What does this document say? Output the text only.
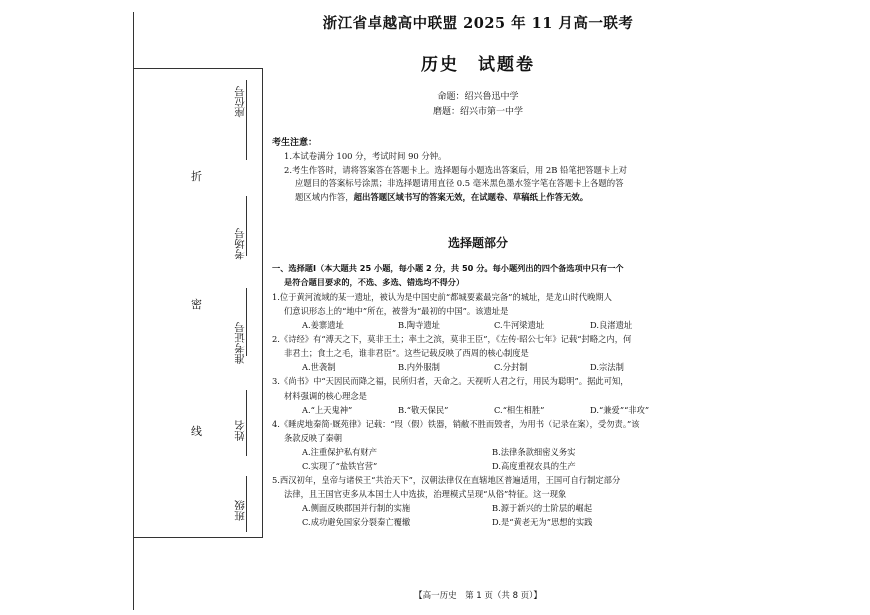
折
密
线
座位号
考场号
准考证号
姓名
班级
浙江省卓越高中联盟 2025 年 11 月高一联考
历史　试题卷
命题：绍兴鲁迅中学
磨题：绍兴市第一中学

考生注意：

1.本试卷满分 100 分，考试时间 90 分钟。

2.考生作答时，请将答案答在答题卡上。选择题每小题选出答案后，用 2B 铅笔把答题卡上对

应题目的答案标号涂黑；非选择题请用直径 0.5 毫米黑色墨水签字笔在答题卡上各题的答

题区域内作答，超出答题区域书写的答案无效，在试题卷、草稿纸上作答无效。

选择题部分

一、选择题Ⅰ（本大题共 25 小题，每小题 2 分，共 50 分。每小题列出的四个备选项中只有一个

是符合题目要求的，不选、多选、错选均不得分）

1.位于黄河流域的某一遗址，被认为是中国史前“都城要素最完备”的城址，是龙山时代晚期人

们意识形态上的“地中”所在，被誉为“最初的中国”。该遗址是

A.姜寨遗址	B.陶寺遗址	C.牛河梁遗址	D.良渚遗址

2.《诗经》有“溥天之下，莫非王土；率土之滨，莫非王臣”，《左传·昭公七年》记载“封略之内，何

非君土；食土之毛，谁非君臣”。这些记载反映了西周的核心制度是

A.世袭制	B.内外服制	C.分封制	D.宗法制

3.《尚书》中“天因民而降之福，民所归者，天命之。天视听人君之行，用民为聪明”。据此可知，

材料强调的核心理念是

A.“上天鬼神”	B.“敬天保民”	C.“相生相胜”	D.“兼爱”“非攻”

4.《睡虎地秦简·厩苑律》记载：“叚（假）铁器，销敝不胜而毁者，为用书（记录在案），受勿责。”该

条款反映了秦朝

A.注重保护私有财产	B.法律条款细密义务实
C.实现了“盐铁官营”	D.高度重视农具的生产

5.西汉初年，皇帝与诸侯王“共治天下”，汉朝法律仅在直辖地区普遍适用，王国可自行制定部分

法律，且王国官吏多从本国士人中选拔，治理模式呈现“从俗”特征。这一现象

A.侧面反映郡国并行制的实施	B.源于新兴的士阶层的崛起
C.成功避免国家分裂秦亡覆辙	D.是“黄老无为”思想的实践
【高一历史　第 1 页（共 8 页）】
